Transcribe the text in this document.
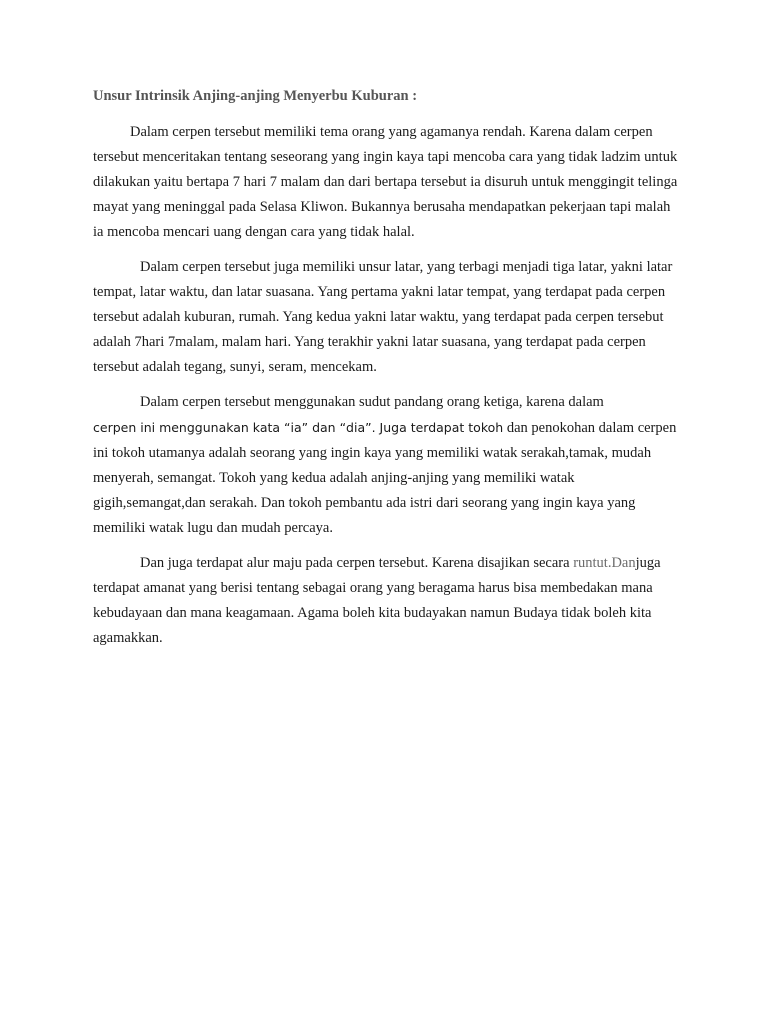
Unsur Intrinsik Anjing-anjing Menyerbu Kuburan :

Dalam cerpen tersebut memiliki tema orang yang agamanya rendah. Karena dalam cerpen tersebut menceritakan tentang seseorang yang ingin kaya tapi mencoba cara yang tidak ladzim untuk dilakukan yaitu bertapa 7 hari 7 malam dan dari bertapa tersebut ia disuruh untuk menggingit telinga mayat yang meninggal pada Selasa Kliwon. Bukannya berusaha mendapatkan pekerjaan tapi malah ia mencoba mencari uang dengan cara yang tidak halal.

Dalam cerpen tersebut juga memiliki unsur latar, yang terbagi menjadi tiga latar, yakni latar tempat, latar waktu, dan latar suasana. Yang pertama yakni latar tempat, yang terdapat pada cerpen tersebut adalah kuburan, rumah. Yang kedua yakni latar waktu, yang terdapat pada cerpen tersebut adalah 7hari 7malam, malam hari. Yang terakhir yakni latar suasana, yang terdapat pada cerpen tersebut adalah tegang, sunyi, seram, mencekam.

Dalam cerpen tersebut menggunakan sudut pandang orang ketiga, karena dalam
cerpen ini menggunakan kata “ia” dan “dia”. Juga terdapat tokoh dan penokohan dalam cerpen ini tokoh utamanya adalah seorang yang ingin kaya yang memiliki watak serakah,tamak, mudah menyerah, semangat. Tokoh yang kedua adalah anjing-anjing yang memiliki watak gigih,semangat,dan serakah. Dan tokoh pembantu ada istri dari seorang yang ingin kaya yang memiliki watak lugu dan mudah percaya.

Dan juga terdapat alur maju pada cerpen tersebut. Karena disajikan secara runtut.Danjuga terdapat amanat yang berisi tentang sebagai orang yang beragama harus bisa membedakan mana kebudayaan dan mana keagamaan. Agama boleh kita budayakan namun Budaya tidak boleh kita agamakkan.
